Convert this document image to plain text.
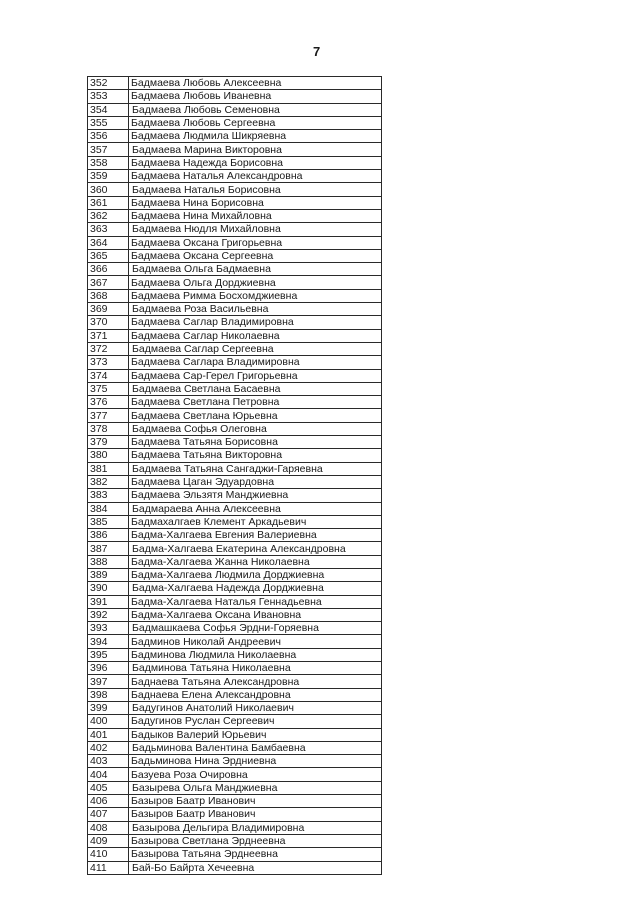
7
352	Бадмаева Любовь Алексеевна
353	Бадмаева Любовь Иваневна
354	Бадмаева Любовь Семеновна
355	Бадмаева Любовь Сергеевна
356	Бадмаева Людмила Шикряевна
357	Бадмаева Марина Викторовна
358	Бадмаева Надежда Борисовна
359	Бадмаева Наталья Александровна
360	Бадмаева Наталья Борисовна
361	Бадмаева Нина Борисовна
362	Бадмаева Нина Михайловна
363	Бадмаева Нюдля Михайловна
364	Бадмаева Оксана Григорьевна
365	Бадмаева Оксана Сергеевна
366	Бадмаева Ольга Бадмаевна
367	Бадмаева Ольга Дорджиевна
368	Бадмаева Римма Босхомджиевна
369	Бадмаева Роза Васильевна
370	Бадмаева Саглар Владимировна
371	Бадмаева Саглар Николаевна
372	Бадмаева Саглар Сергеевна
373	Бадмаева Саглара Владимировна
374	Бадмаева Сар-Герел Григорьевна
375	Бадмаева Светлана Басаевна
376	Бадмаева Светлана Петровна
377	Бадмаева Светлана Юрьевна
378	Бадмаева Софья Олеговна
379	Бадмаева Татьяна Борисовна
380	Бадмаева Татьяна Викторовна
381	Бадмаева Татьяна Сангаджи-Гаряевна
382	Бадмаева Цаган Эдуардовна
383	Бадмаева Эльзятя Манджиевна
384	Бадмараева Анна Алексеевна
385	Бадмахалгаев Клемент Аркадьевич
386	Бадма-Халгаева Евгения Валериевна
387	Бадма-Халгаева Екатерина Александровна
388	Бадма-Халгаева Жанна Николаевна
389	Бадма-Халгаева Людмила Дорджиевна
390	Бадма-Халгаева Надежда Дорджиевна
391	Бадма-Халгаева Наталья Геннадьевна
392	Бадма-Халгаева Оксана Ивановна
393	Бадмашкаева Софья Эрдни-Горяевна
394	Бадминов Николай Андреевич
395	Бадминова Людмила Николаевна
396	Бадминова Татьяна Николаевна
397	Баднаева Татьяна Александровна
398	Баднаева Елена Александровна
399	Бадугинов Анатолий Николаевич
400	Бадугинов Руслан Сергеевич
401	Бадыков Валерий Юрьевич
402	Бадьминова Валентина Бамбаевна
403	Бадьминова Нина Эрдниевна
404	Базуева Роза Очировна
405	Базырева Ольга Манджиевна
406	Базыров Баатр Иванович
407	Базыров Баатр Иванович
408	Базырова Дельгира Владимировна
409	Базырова Светлана Эрднеевна
410	Базырова Татьяна Эрднеевна
411	Бай-Бо Байрта Хечеевна
